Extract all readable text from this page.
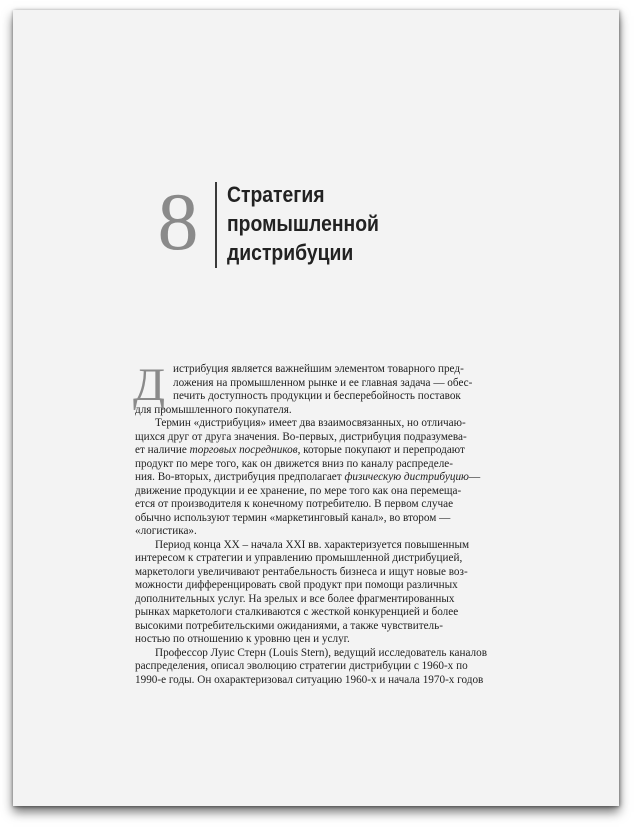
8	Стратегия
промышленной
дистрибуции
Д истрибуция является важнейшим элементом товарного пред-
ложения на промышленном рынке и ее главная задача — обес-
печить доступность продукции и бесперебойность поставок
для промышленного покупателя.
Термин «дистрибуция» имеет два взаимосвязанных, но отличаю-
щихся друг от друга значения. Во-первых, дистрибуция подразумева-
ет наличие торговых посредников, которые покупают и перепродают
продукт по мере того, как он движется вниз по каналу распределе-
ния. Во-вторых, дистрибуция предполагает физическую дистрибуцию—
движение продукции и ее хранение, по мере того как она перемеща-
ется от производителя к конечному потребителю. В первом случае
обычно используют термин «маркетинговый канал», во втором —
«логистика».
Период конца XX – начала XXI вв. характеризуется повышенным
интересом к стратегии и управлению промышленной дистрибуцией,
маркетологи увеличивают рентабельность бизнеса и ищут новые воз-
можности дифференцировать свой продукт при помощи различных
дополнительных услуг. На зрелых и все более фрагментированных
рынках маркетологи сталкиваются с жесткой конкуренцией и более
высокими потребительскими ожиданиями, а также чувствитель-
ностью по отношению к уровню цен и услуг.
Профессор Луис Стерн (Louis Stern), ведущий исследователь каналов
распределения, описал эволюцию стратегии дистрибуции с 1960-х по
1990-е годы. Он охарактеризовал ситуацию 1960-х и начала 1970-х годов
